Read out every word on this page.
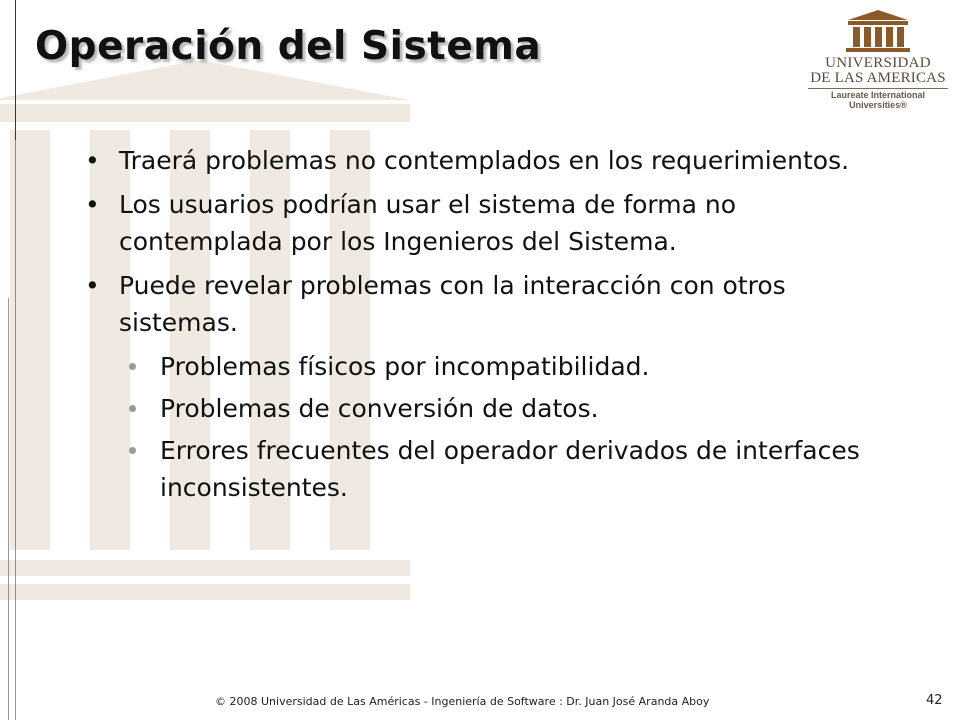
Operación del Sistema	UNIVERSIDAD
DE LAS AMERICAS
Laureate International Universities®
• Traerá problemas no contemplados en los requerimientos.
• Los usuarios podrían usar el sistema de forma no contemplada por los Ingenieros del Sistema.
• Puede revelar problemas con la interacción con otros sistemas.
Problemas físicos por incompatibilidad.
Problemas de conversión de datos.
Errores frecuentes del operador derivados de interfaces inconsistentes.
© 2008 Universidad de Las Américas - Ingeniería de Software : Dr. Juan José Aranda Aboy	42
